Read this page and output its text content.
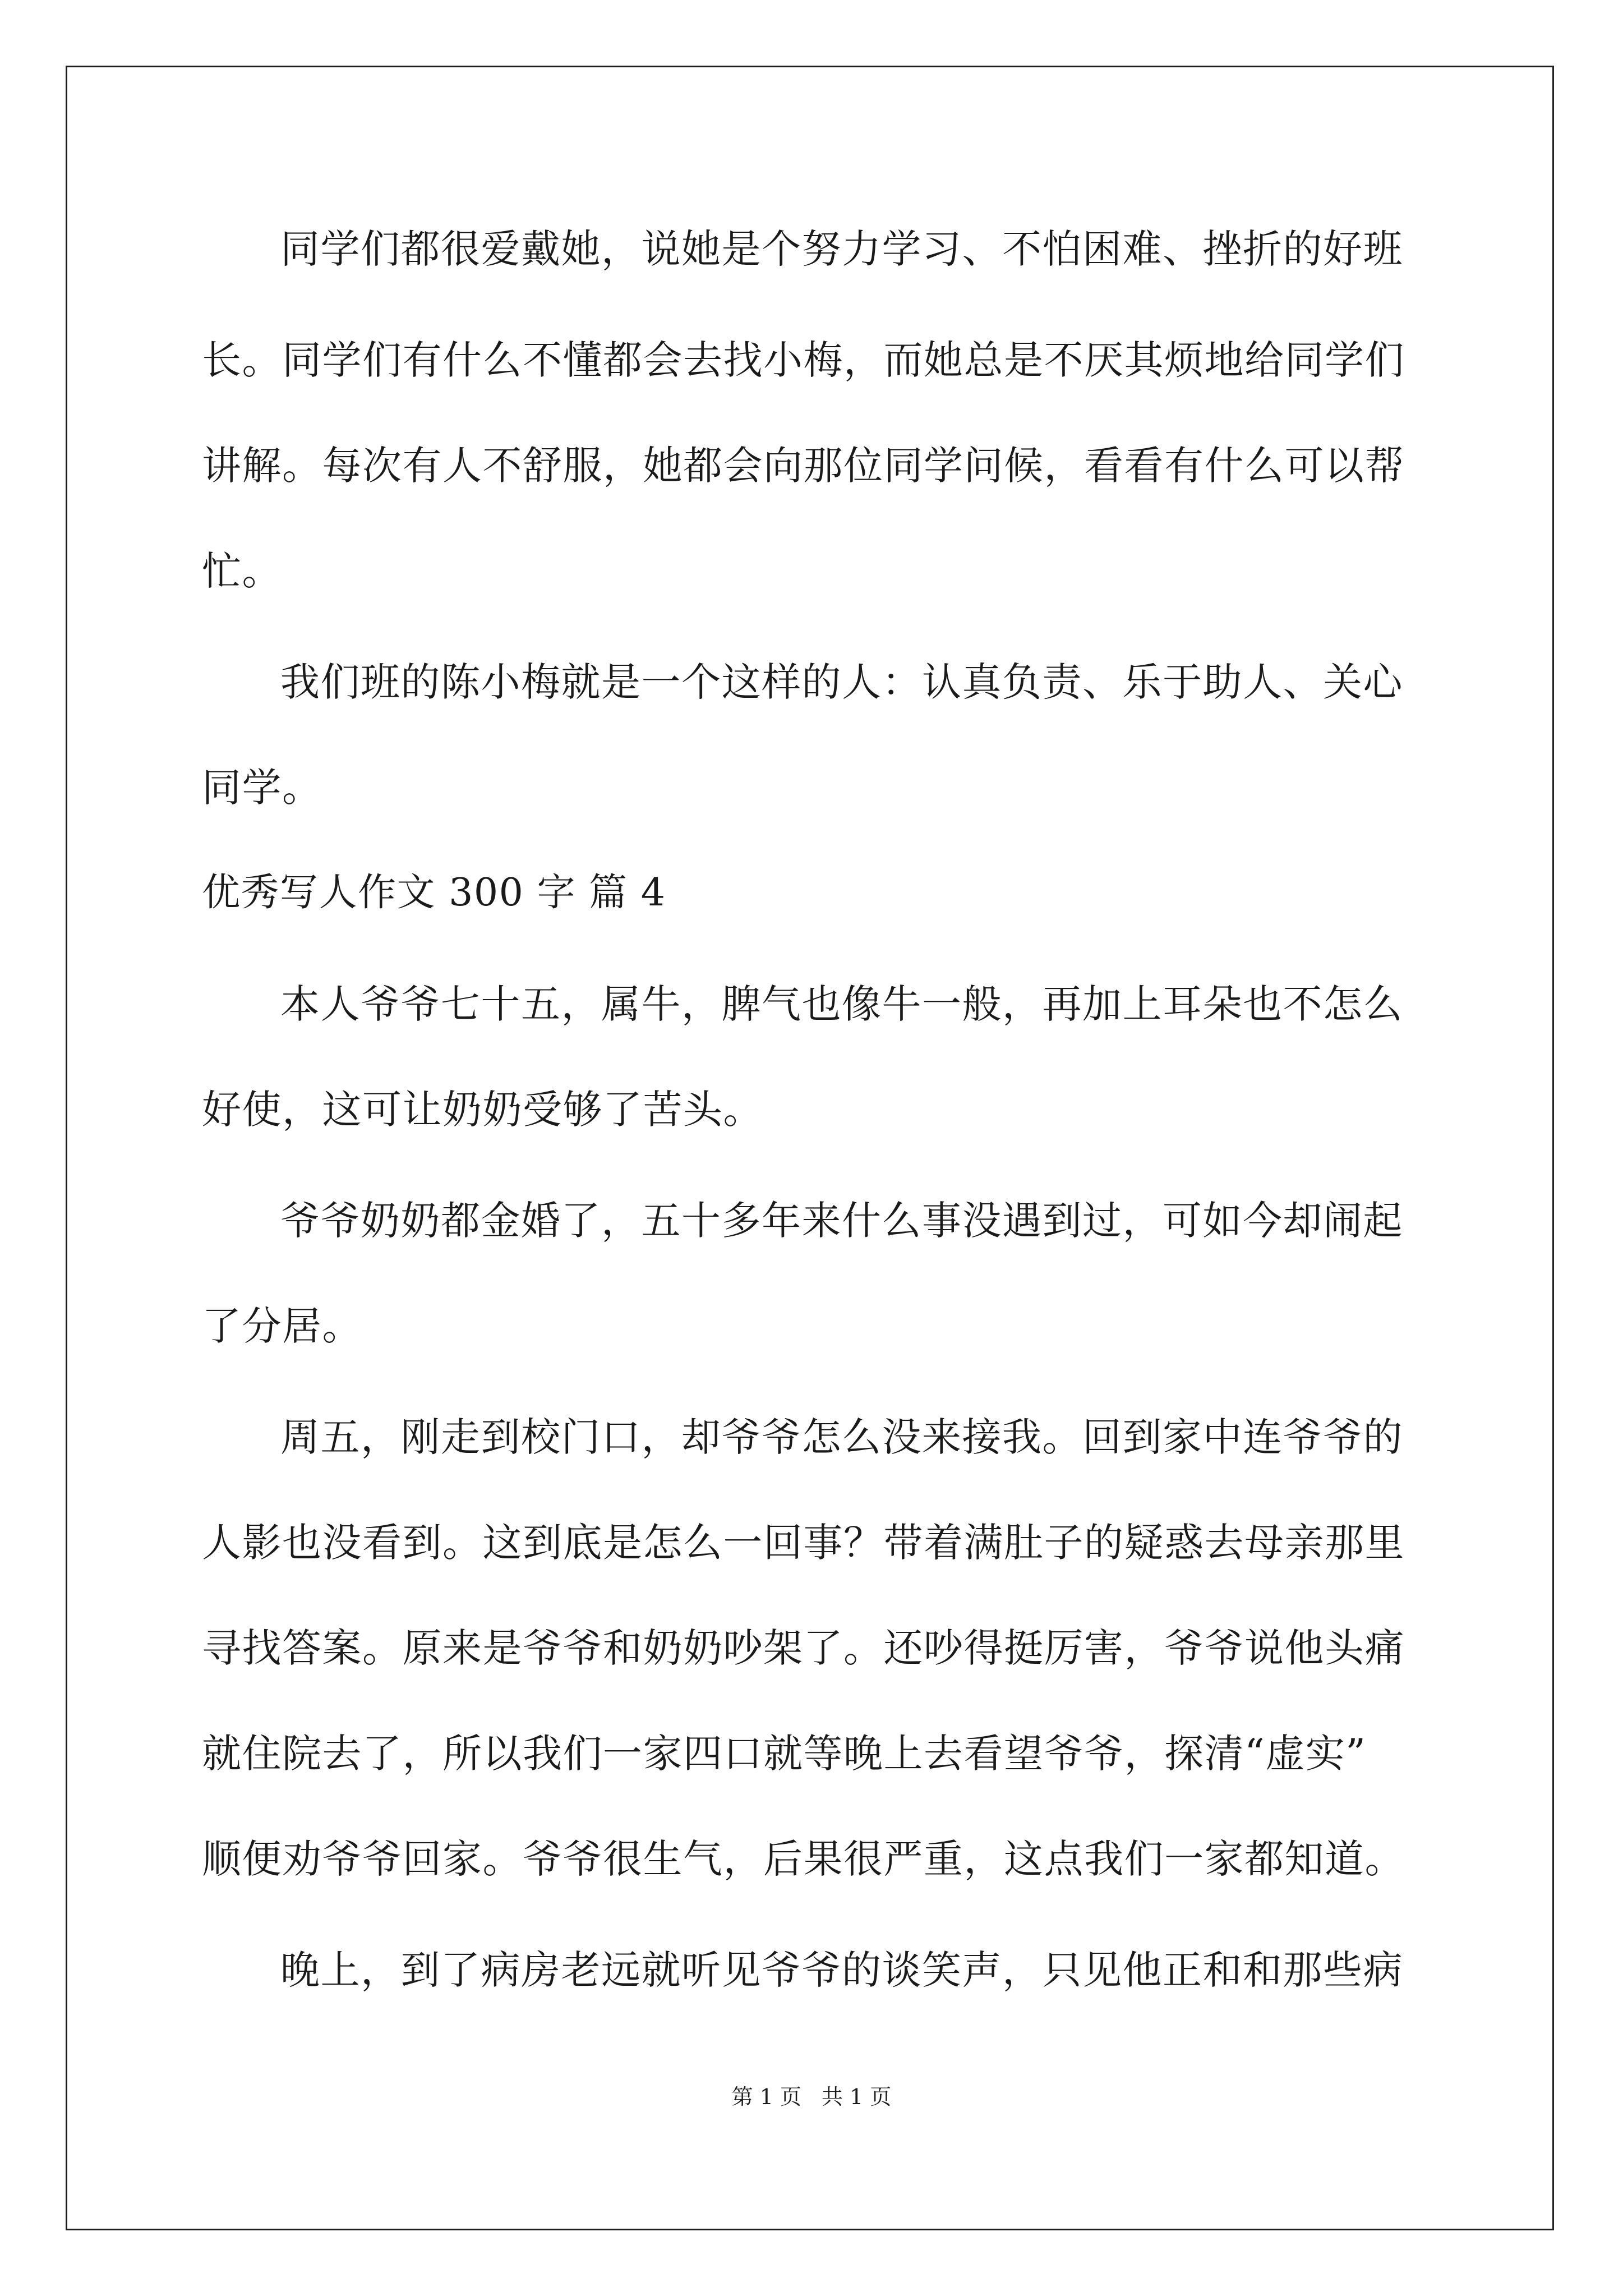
同学们都很爱戴她，说她是个努力学习、不怕困难、挫折的好班
长。同学们有什么不懂都会去找小梅，而她总是不厌其烦地给同学们
讲解。每次有人不舒服，她都会向那位同学问候，看看有什么可以帮
忙。
我们班的陈小梅就是一个这样的人：认真负责、乐于助人、关心
同学。
优秀写人作文 300 字 篇 4
本人爷爷七十五，属牛，脾气也像牛一般，再加上耳朵也不怎么
好使，这可让奶奶受够了苦头。
爷爷奶奶都金婚了，五十多年来什么事没遇到过，可如今却闹起
了分居。
周五，刚走到校门口，却爷爷怎么没来接我。回到家中连爷爷的
人影也没看到。这到底是怎么一回事？带着满肚子的疑惑去母亲那里
寻找答案。原来是爷爷和奶奶吵架了。还吵得挺厉害，爷爷说他头痛
就住院去了，所以我们一家四口就等晚上去看望爷爷，探清“虚实”
顺便劝爷爷回家。爷爷很生气，后果很严重，这点我们一家都知道。
晚上，到了病房老远就听见爷爷的谈笑声，只见他正和和那些病
第 1 页 共 1 页
